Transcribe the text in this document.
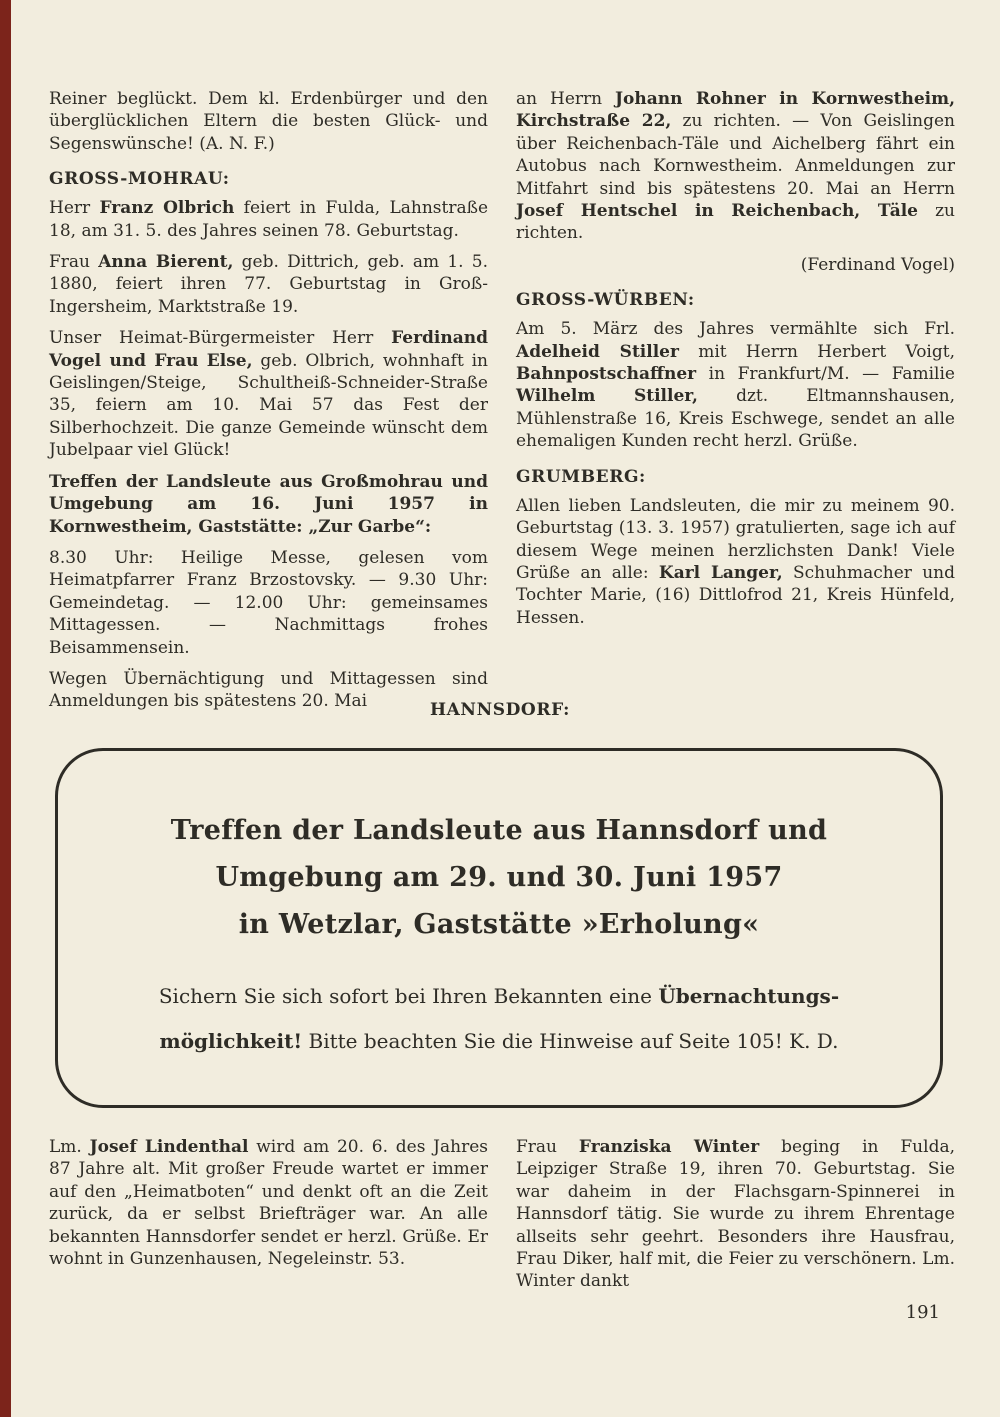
Reiner beglückt. Dem kl. Erdenbürger und den überglücklichen Eltern die besten Glück- und Segenswünsche! (A. N. F.)
GROSS-MOHRAU:
Herr Franz Olbrich feiert in Fulda, Lahnstraße 18, am 31. 5. des Jahres seinen 78. Geburtstag.
Frau Anna Bierent, geb. Dittrich, geb. am 1. 5. 1880, feiert ihren 77. Geburtstag in Groß-Ingersheim, Marktstraße 19.
Unser Heimat-Bürgermeister Herr Ferdinand Vogel und Frau Else, geb. Olbrich, wohnhaft in Geislingen/Steige, Schultheiß-Schneider-Straße 35, feiern am 10. Mai 57 das Fest der Silberhochzeit. Die ganze Gemeinde wünscht dem Jubelpaar viel Glück!
Treffen der Landsleute aus Großmohrau und Umgebung am 16. Juni 1957 in Kornwestheim, Gaststätte: „Zur Garbe“:
8.30 Uhr: Heilige Messe, gelesen vom Heimatpfarrer Franz Brzostovsky. — 9.30 Uhr: Gemeindetag. — 12.00 Uhr: gemeinsames Mittagessen. — Nachmittags frohes Beisammensein.
Wegen Übernächtigung und Mittagessen sind Anmeldungen bis spätestens 20. Mai
an Herrn Johann Rohner in Kornwestheim, Kirchstraße 22, zu richten. — Von Geislingen über Reichenbach-Täle und Aichelberg fährt ein Autobus nach Kornwestheim. Anmeldungen zur Mitfahrt sind bis spätestens 20. Mai an Herrn Josef Hentschel in Reichenbach, Täle zu richten.
(Ferdinand Vogel)
GROSS-WÜRBEN:
Am 5. März des Jahres vermählte sich Frl. Adelheid Stiller mit Herrn Herbert Voigt, Bahnpostschaffner in Frankfurt/M. — Familie Wilhelm Stiller, dzt. Eltmannshausen, Mühlenstraße 16, Kreis Eschwege, sendet an alle ehemaligen Kunden recht herzl. Grüße.
GRUMBERG:
Allen lieben Landsleuten, die mir zu meinem 90. Geburtstag (13. 3. 1957) gratulierten, sage ich auf diesem Wege meinen herzlichsten Dank! Viele Grüße an alle: Karl Langer, Schuhmacher und Tochter Marie, (16) Dittlofrod 21, Kreis Hünfeld, Hessen.
HANNSDORF:
Treffen der Landsleute aus Hannsdorf und
Umgebung am 29. und 30. Juni 1957
in Wetzlar, Gaststätte »Erholung«
Sichern Sie sich sofort bei Ihren Bekannten eine Übernachtungs-
möglichkeit! Bitte beachten Sie die Hinweise auf Seite 105! K. D.
Lm. Josef Lindenthal wird am 20. 6. des Jahres 87 Jahre alt. Mit großer Freude wartet er immer auf den „Heimatboten“ und denkt oft an die Zeit zurück, da er selbst Briefträger war. An alle bekannten Hannsdorfer sendet er herzl. Grüße. Er wohnt in Gunzenhausen, Negeleinstr. 53.
Frau Franziska Winter beging in Fulda, Leipziger Straße 19, ihren 70. Geburtstag. Sie war daheim in der Flachsgarn-Spinnerei in Hannsdorf tätig. Sie wurde zu ihrem Ehrentage allseits sehr geehrt. Besonders ihre Hausfrau, Frau Diker, half mit, die Feier zu verschönern. Lm. Winter dankt
191
